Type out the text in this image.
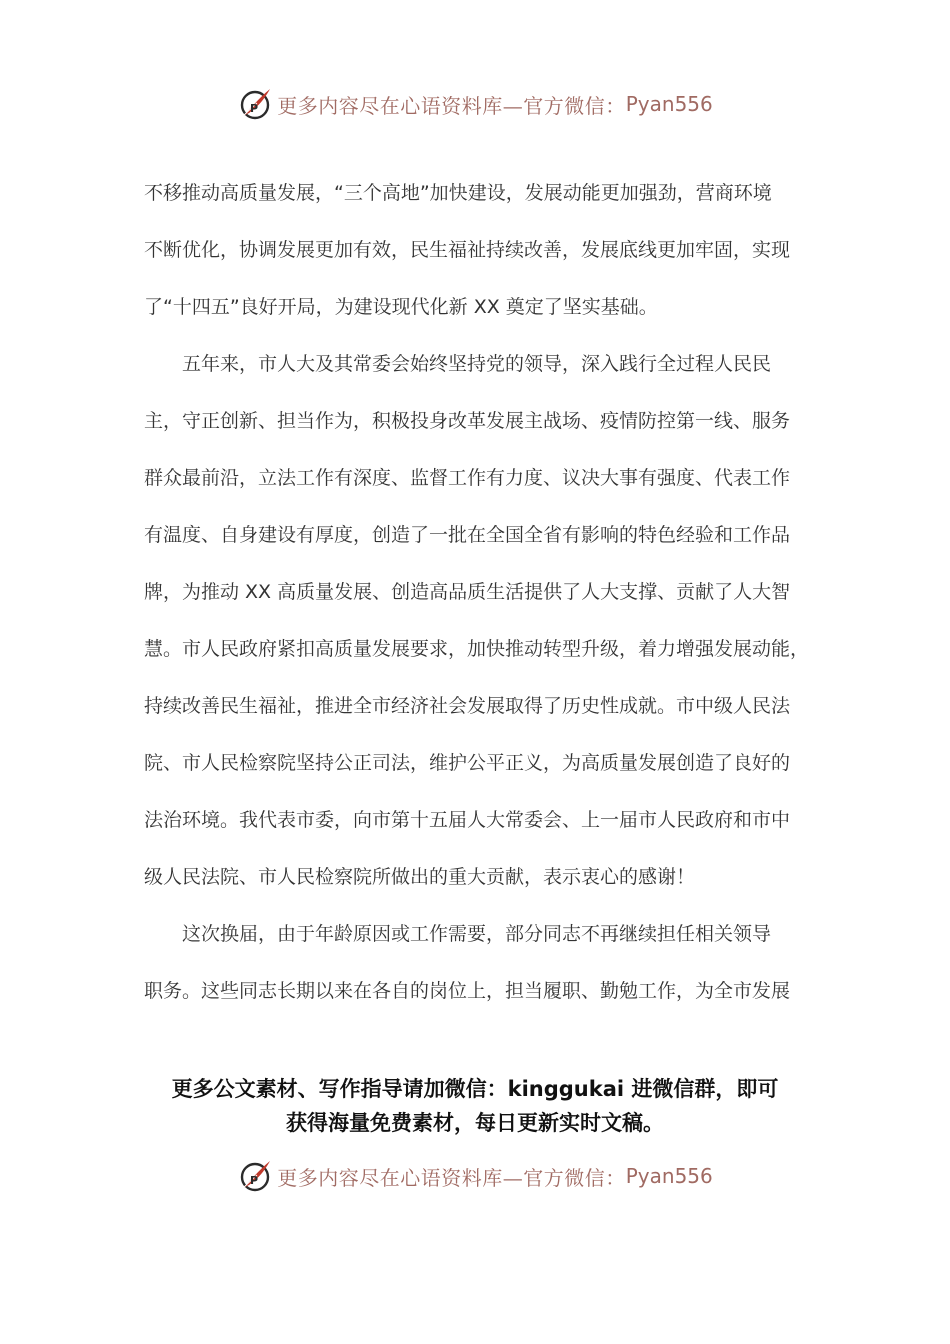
P 更多内容尽在心语资料库—官方微信： Pyan556
不移推动高质量发展，“三个高地”加快建设，发展动能更加强劲，营商环境
不断优化，协调发展更加有效，民生福祉持续改善，发展底线更加牢固，实现
了“十四五”良好开局，为建设现代化新 XX 奠定了坚实基础。
　　五年来，市人大及其常委会始终坚持党的领导，深入践行全过程人民民
主，守正创新、担当作为，积极投身改革发展主战场、疫情防控第一线、服务
群众最前沿，立法工作有深度、监督工作有力度、议决大事有强度、代表工作
有温度、自身建设有厚度，创造了一批在全国全省有影响的特色经验和工作品
牌，为推动 XX 高质量发展、创造高品质生活提供了人大支撑、贡献了人大智
慧。市人民政府紧扣高质量发展要求，加快推动转型升级，着力增强发展动能，
持续改善民生福祉，推进全市经济社会发展取得了历史性成就。市中级人民法
院、市人民检察院坚持公正司法，维护公平正义，为高质量发展创造了良好的
法治环境。我代表市委，向市第十五届人大常委会、上一届市人民政府和市中
级人民法院、市人民检察院所做出的重大贡献，表示衷心的感谢！
　　这次换届，由于年龄原因或工作需要，部分同志不再继续担任相关领导
职务。这些同志长期以来在各自的岗位上，担当履职、勤勉工作，为全市发展
更多公文素材、写作指导请加微信：kinggukai 进微信群，即可
获得海量免费素材，每日更新实时文稿。
P 更多内容尽在心语资料库—官方微信： Pyan556
